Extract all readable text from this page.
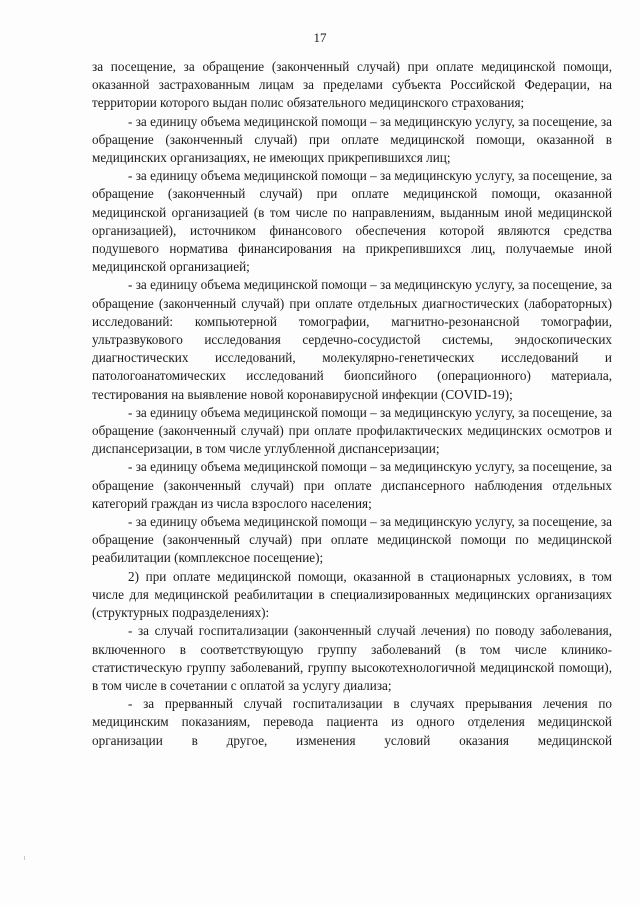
17

за посещение, за обращение (законченный случай) при оплате медицинской помощи, оказанной застрахованным лицам за пределами субъекта Российской Федерации, на территории которого выдан полис обязательного медицинского страхования;

- за единицу объема медицинской помощи – за медицинскую услугу, за посещение, за обращение (законченный случай) при оплате медицинской помощи, оказанной в медицинских организациях, не имеющих прикрепившихся лиц;

- за единицу объема медицинской помощи – за медицинскую услугу, за посещение, за обращение (законченный случай) при оплате медицинской помощи, оказанной медицинской организацией (в том числе по направлениям, выданным иной медицинской организацией), источником финансового обеспечения которой являются средства подушевого норматива финансирования на прикрепившихся лиц, получаемые иной медицинской организацией;

- за единицу объема медицинской помощи – за медицинскую услугу, за посещение, за обращение (законченный случай) при оплате отдельных диагностических (лабораторных) исследований: компьютерной томографии, магнитно-резонансной томографии, ультразвукового исследования сердечно-сосудистой системы, эндоскопических диагностических исследований, молекулярно-генетических исследований и патологоанатомических исследований биопсийного (операционного) материала, тестирования на выявление новой коронавирусной инфекции (COVID-19);

- за единицу объема медицинской помощи – за медицинскую услугу, за посещение, за обращение (законченный случай) при оплате профилактических медицинских осмотров и диспансеризации, в том числе углубленной диспансеризации;

- за единицу объема медицинской помощи – за медицинскую услугу, за посещение, за обращение (законченный случай) при оплате диспансерного наблюдения отдельных категорий граждан из числа взрослого населения;

- за единицу объема медицинской помощи – за медицинскую услугу, за посещение, за обращение (законченный случай) при оплате медицинской помощи по медицинской реабилитации (комплексное посещение);

2) при оплате медицинской помощи, оказанной в стационарных условиях, в том числе для медицинской реабилитации в специализированных медицинских организациях (структурных подразделениях):

- за случай госпитализации (законченный случай лечения) по поводу заболевания, включенного в соответствующую группу заболеваний (в том числе клинико-статистическую группу заболеваний, группу высокотехнологичной медицинской помощи), в том числе в сочетании с оплатой за услугу диализа;

- за прерванный случай госпитализации в случаях прерывания лечения по медицинским показаниям, перевода пациента из одного отделения медицинской организации в другое, изменения условий оказания медицинской
